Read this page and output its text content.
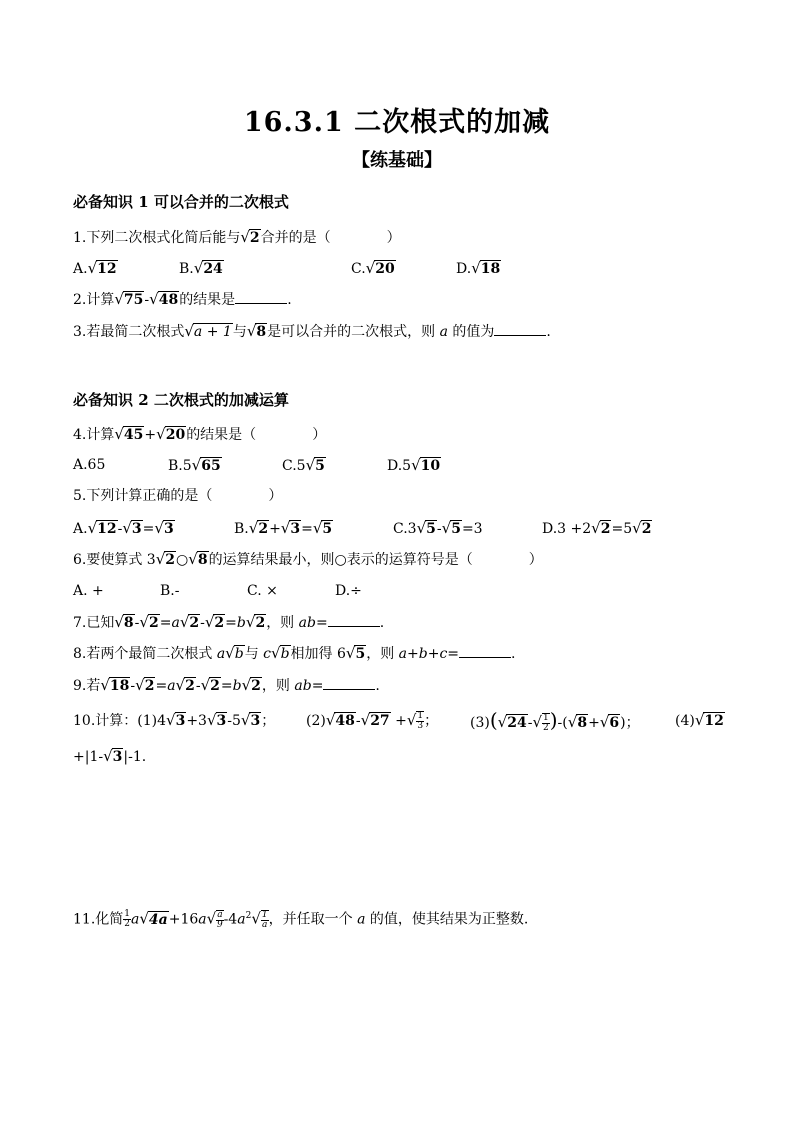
16.3.1 二次根式的加减
【练基础】
必备知识 1 可以合并的二次根式
1.下列二次根式化简后能与√2合并的是（	）
A.√12	B.√24	C.√20	D.√18
2.计算√75-√48的结果是	.
3.若最简二次根式√a + 1与√8是可以合并的二次根式，则 a 的值为	.
必备知识 2 二次根式的加减运算
4.计算√45+√20的结果是（	）
A.65	B.5√65	C.5√5	D.5√10
5.下列计算正确的是（	）
A.√12-√3=√3	B.√2+√3=√5	C.3√5-√5=3	D.3 +2√2=5√2
6.要使算式 3√2○√8的运算结果最小，则○表示的运算符号是（	）
A. +	B.-	C. ×	D.÷
7.已知√8-√2=a√2-√2=b√2，则 ab=	.
8.若两个最简二次根式 a√b与 c√b相加得 6√5，则 a+b+c=	.
9.若√18-√2=a√2-√2=b√2，则 ab=	.
10.计算：(1)4√3+3√3-5√3； (2)√48-√27 +√ $\frac{1}{3}$ ； $(3)(√24-√ \frac{1}{2} )-(√8+√6)$；	(4)√12
+|1-√3|-1.
11.化简 $\frac{1}{2} a√4a+16a√ \frac{a}{9} -4a^2√ \frac{1}{a}$ ，并任取一个 a 的值，使其结果为正整数.
